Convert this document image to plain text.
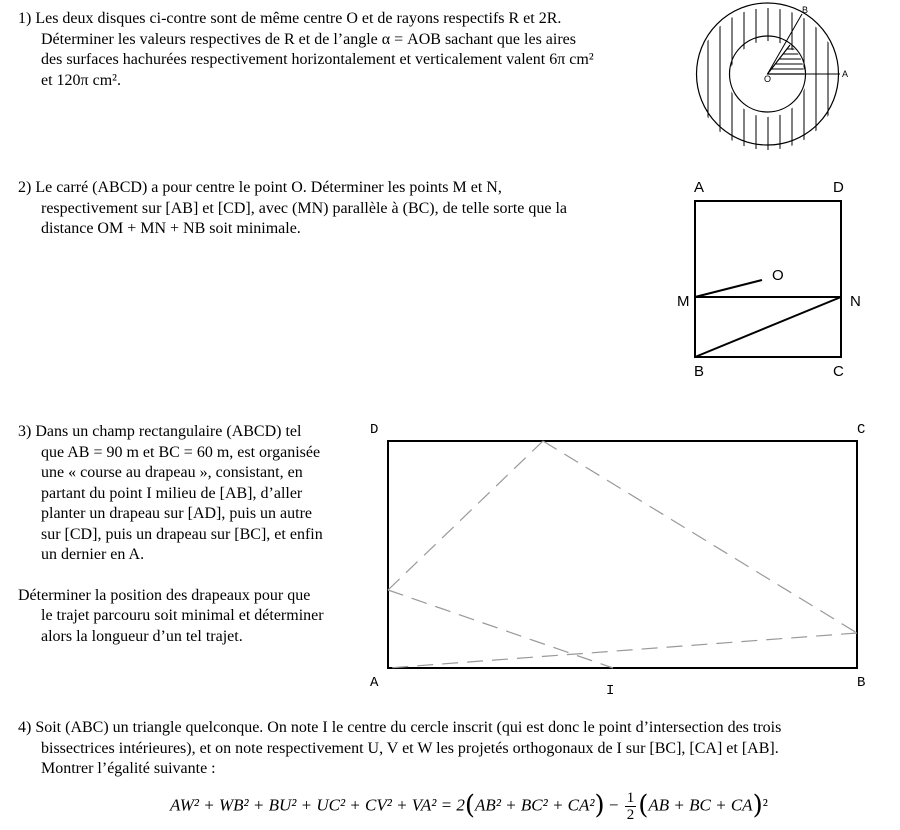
1) Les deux disques ci-contre sont de même centre O et de rayons respectifs R et 2R.

Déterminer les valeurs respectives de R et de l’angle α = AOB sachant que les aires

des surfaces hachurées respectivement horizontalement et verticalement valent 6π cm²

et 120π cm².	O	A
B

2) Le carré (ABCD) a pour centre le point O. Déterminer les points M et N,

respectivement sur [AB] et [CD], avec (MN) parallèle à (BC), de telle sorte que la

distance OM + MN + NB soit minimale.

A	D
O
M	N
B	C

3) Dans un champ rectangulaire (ABCD) tel

que AB = 90 m et BC = 60 m, est organisée

une « course au drapeau », consistant, en

partant du point I milieu de [AB], d’aller

planter un drapeau sur [AD], puis un autre

sur [CD], puis un drapeau sur [BC], et enfin

un dernier en A.

Déterminer la position des drapeaux pour que

le trajet parcouru soit minimal et déterminer

alors la longueur d’un tel trajet.

D	C
A	B
I

4) Soit (ABC) un triangle quelconque. On note I le centre du cercle inscrit (qui est donc le point d’intersection des trois

bissectrices intérieures), et on note respectivement U, V et W les projetés orthogonaux de I sur [BC], [CA] et [AB].

Montrer l’égalité suivante :

$AW^2 + WB^2 + BU^2 + UC^2 + CV^2 + VA^2 = 2(AB^2 + BC^2 + CA^2) - \frac{1}{2} (AB$ + BC + CA)²
